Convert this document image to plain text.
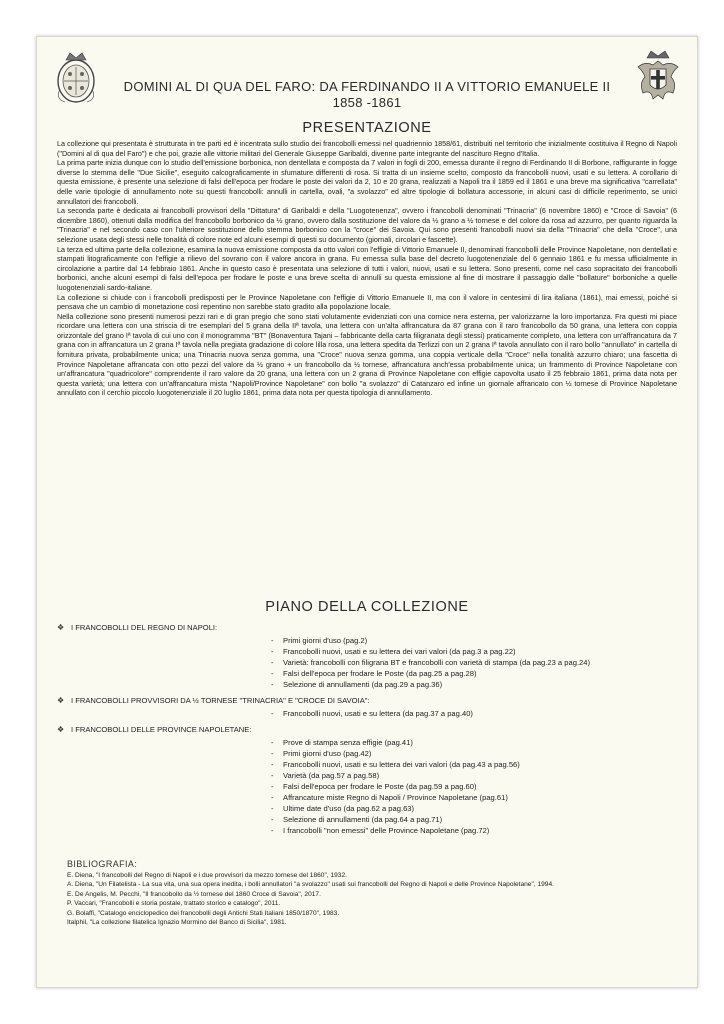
DOMINI AL DI QUA DEL FARO: DA FERDINANDO II A VITTORIO EMANUELE II
1858 -1861
PRESENTAZIONE

La collezione qui presentata è strutturata in tre parti ed è incentrata sullo studio dei francobolli emessi nel quadriennio 1858/61, distribuiti nel territorio che inizialmente costituiva il Regno di Napoli ("Domini al di qua del Faro") e che poi, grazie alle vittorie militari del Generale Giuseppe Garibaldi, divenne parte integrante del nascituro Regno d'Italia.

La prima parte inizia dunque con lo studio dell'emissione borbonica, non dentellata e composta da 7 valori in fogli di 200, emessa durante il regno di Ferdinando II di Borbone, raffigurante in fogge diverse lo stemma delle "Due Sicilie", eseguito calcograficamente in sfumature differenti di rosa. Si tratta di un insieme scelto, composto da francobolli nuovi, usati e su lettera. A corollario di questa emissione, è presente una selezione di falsi dell'epoca per frodare le poste dei valori da 2, 10 e 20 grana, realizzati a Napoli tra il 1859 ed il 1861 e una breve ma significativa "carrellata" delle varie tipologie di annullamento note su questi francobolli: annulli in cartella, ovali, "a svolazzo" ed altre tipologie di bollatura accessorie, in alcuni casi di difficile reperimento, se unici annullatori dei francobolli.

La seconda parte è dedicata ai francobolli provvisori della "Dittatura" di Garibaldi e della "Luogotenenza", ovvero i francobolli denominati "Trinacria" (6 novembre 1860) e "Croce di Savoia" (6 dicembre 1860), ottenuti dalla modifica del francobollo borbonico da ½ grano, ovvero dalla sostituzione del valore da ½ grano a ½ tornese e del colore da rosa ad azzurro, per quanto riguarda la "Trinacria" e nel secondo caso con l'ulteriore sostituzione dello stemma borbonico con la "croce" dei Savoia. Qui sono presenti francobolli nuovi sia della "Trinacria" che della "Croce", una selezione usata degli stessi nelle tonalità di colore note ed alcuni esempi di questi su documento (giornali, circolari e fascette).

La terza ed ultima parte della collezione, esamina la nuova emissione composta da otto valori con l'effigie di Vittorio Emanuele II, denominati francobolli delle Province Napoletane, non dentellati e stampati litograficamente con l'effigie a rilievo del sovrano con il valore ancora in grana. Fu emessa sulla base del decreto luogotenenziale del 6 gennaio 1861 e fu messa ufficialmente in circolazione a partire dal 14 febbraio 1861. Anche in questo caso è presentata una selezione di tutti i valori, nuovi, usati e su lettera. Sono presenti, come nel caso sopracitato dei francobolli borbonici, anche alcuni esempi di falsi dell'epoca per frodare le poste e una breve scelta di annulli su questa emissione al fine di mostrare il passaggio dalle "bollature" borboniche a quelle luogotenenziali sardo-italiane.

La collezione si chiude con i francobolli predisposti per le Province Napoletane con l'effigie di Vittorio Emanuele II, ma con il valore in centesimi di lira italiana (1861), mai emessi, poiché si pensava che un cambio di monetazione così repentino non sarebbe stato gradito alla popolazione locale.

Nella collezione sono presenti numerosi pezzi rari e di gran pregio che sono stati volutamente evidenziati con una cornice nera esterna, per valorizzarne la loro importanza. Fra questi mi piace ricordare una lettera con una striscia di tre esemplari del 5 grana della IIª tavola, una lettera con un'alta affrancatura da 87 grana con il raro francobollo da 50 grana, una lettera con coppia orizzontale del grano Iª tavola di cui uno con il monogramma "BT" (Bonaventura Tajani – fabbricante della carta filigranata degli stessi) praticamente completo, una lettera con un'affrancatura da 7 grana con in affrancatura un 2 grana Iª tavola nella pregiata gradazione di colore lilla rosa, una lettera spedita da Terlizzi con un 2 grana Iª tavola annullato con il raro bollo "annullato" in cartella di fornitura privata, probabilmente unica; una Trinacria nuova senza gomma, una "Croce" nuova senza gomma, una coppia verticale della "Croce" nella tonalità azzurro chiaro; una fascetta di Province Napoletane affrancata con otto pezzi del valore da ½ grano + un francobollo da ½ tornese, affrancatura anch'essa probabilmente unica; un frammento di Province Napoletane con un'affrancatura "quadricolore" comprendente il raro valore da 20 grana, una lettera con un 2 grana di Province Napoletane con effigie capovolta usato il 25 febbraio 1861, prima data nota per questa varietà; una lettera con un'affrancatura mista "Napoli/Province Napoletane" con bollo "a svolazzo" di Catanzaro ed infine un giornale affrancato con ½ tornese di Province Napoletane annullato con il cerchio piccolo luogotenenziale il 20 luglio 1861, prima data nota per questa tipologia di annullamento.

PIANO DELLA COLLEZIONE
❖ I FRANCOBOLLI DEL REGNO DI NAPOLI:
-	Primi giorni d'uso (pag.2)
-	Francobolli nuovi, usati e su lettera dei vari valori (da pag.3 a pag.22)
-	Varietà: francobolli con filigrana BT e francobolli con varietà di stampa (da pag.23 a pag.24)
-	Falsi dell'epoca per frodare le Poste (da pag.25 a pag.28)
-	Selezione di annullamenti (da pag.29 a pag.36)
❖ I FRANCOBOLLI PROVVISORI DA ½ TORNESE "TRINACRIA" E "CROCE DI SAVOIA":
-	Francobolli nuovi, usati e su lettera (da pag.37 a pag.40)
❖ I FRANCOBOLLI DELLE PROVINCE NAPOLETANE:
-	Prove di stampa senza effigie (pag.41)
-	Primi giorni d'uso (pag.42)
-	Francobolli nuovi, usati e su lettera dei vari valori (da pag.43 a pag.56)
-	Varietà (da pag.57 a pag.58)
-	Falsi dell'epoca per frodare le Poste (da pag.59 a pag.60)
-	Affrancature miste Regno di Napoli / Province Napoletane (pag.61)
-	Ultime date d'uso (da pag.62 a pag.63)
-	Selezione di annullamenti (da pag.64 a pag.71)
-	I francobolli "non emessi" delle Province Napoletane (pag.72)
BIBLIOGRAFIA:
E. Diena, "I francobolli del Regno di Napoli e i due provvisori da mezzo tornese del 1860", 1932.
A. Diena, "Un Filatelista - La sua vita, una sua opera inedita, i bolli annullatori "a svolazzo" usati sui francobolli del Regno di Napoli e delle Province Napoletane", 1994.
E. De Angelis, M. Pecchi, "Il francobollo da ½ tornese del 1860 Croce di Savoia", 2017.
P. Vaccari, "Francobolli e storia postale, trattato storico e catalogo", 2011.
G. Bolaffi, "Catalogo enciclopedico dei francobolli degli Antichi Stati Italiani 1850/1870", 1983.
Italphil, "La collezione filatelica Ignazio Mormino del Banco di Sicilia", 1981.
